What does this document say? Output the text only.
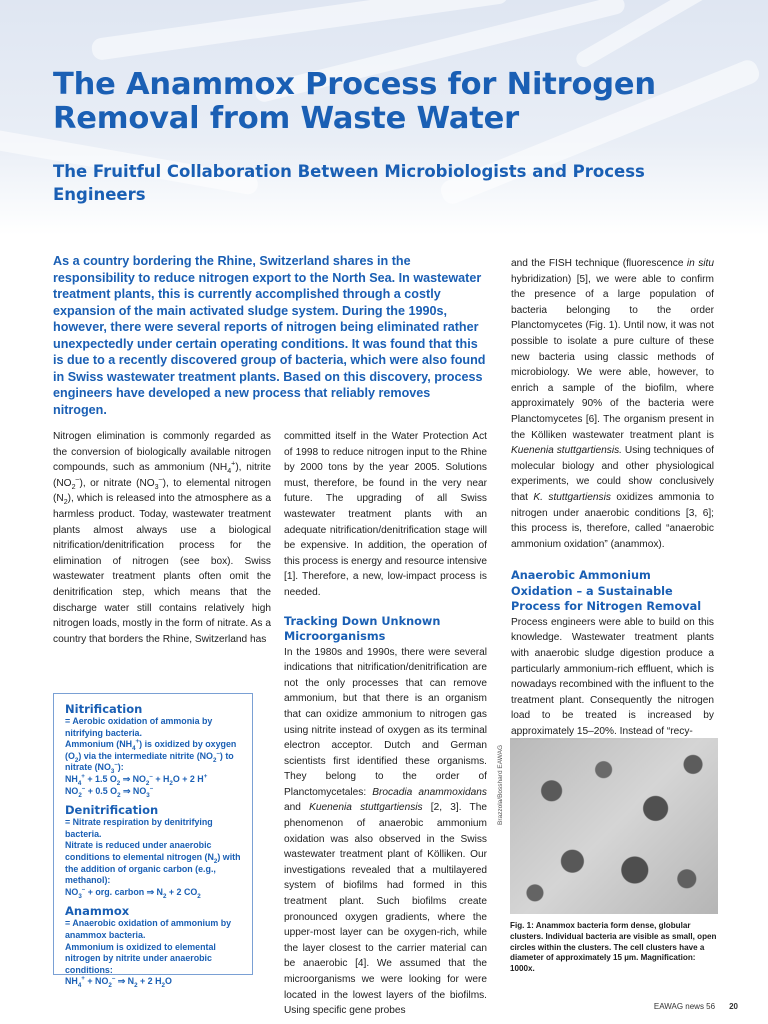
The Anammox Process for Nitrogen Removal from Waste Water
The Fruitful Collaboration Between Microbiologists and Process Engineers

As a country bordering the Rhine, Switzerland shares in the responsibility to reduce nitrogen export to the North Sea. In wastewater treatment plants, this is currently accomplished through a costly expansion of the main activated sludge system. During the 1990s, however, there were several reports of nitrogen being eliminated rather unexpectedly under certain operating conditions. It was found that this is due to a recently discovered group of bacteria, which were also found in Swiss wastewater treatment plants. Based on this discovery, process engineers have developed a new process that reliably removes nitrogen.

Nitrogen elimination is commonly regarded as the conversion of biologically available nitrogen compounds, such as ammonium $(NH_4^+)$, nitrite $(NO_2^-)$, or nitrate $(NO_3^-)$, to elemental nitrogen $(N_2)$, which is released into the atmosphere as a harmless product. Today, wastewater treatment plants almost always use a biological nitrification/denitrification process for the elimination of nitrogen (see box). Swiss wastewater treatment plants often omit the denitrification step, which means that the discharge water still contains relatively high nitrogen loads, mostly in the form of nitrate. As a country that borders the Rhine, Switzerland has

Nitrification
= Aerobic oxidation of ammonia by nitrifying bacteria.
Ammonium $(NH_4^+)$ is oxidized by oxygen $(O_2)$ via the intermediate nitrite $(NO_2^-)$ to nitrate $(NO_3^-)$:
$NH_4^+ + 1.5$ $O_2$ ⇒ $NO_2^- + H_2O + 2$ H+
$NO_2^- + 0.5$ $O_2$ ⇒ $NO_3^-$
Denitrification
= Nitrate respiration by denitrifying bacteria.
Nitrate is reduced under anaerobic conditions to elemental nitrogen $(N_2)$ with the addition of organic carbon (e.g., methanol):
$NO_3^-$ + org. carbon ⇒ $N_2 + 2$ $CO_2$
Anammox
= Anaerobic oxidation of ammonium by anammox bacteria.
Ammonium is oxidized to elemental nitrogen by nitrite under anaerobic conditions:
$NH_4^+ + NO_2^-$ ⇒ $N_2 + 2$ $H_2O$

committed itself in the Water Protection Act of 1998 to reduce nitrogen input to the Rhine by 2000 tons by the year 2005. Solutions must, therefore, be found in the very near future. The upgrading of all Swiss wastewater treatment plants with an adequate nitrification/denitrification stage will be expensive. In addition, the operation of this process is energy and resource intensive [1]. Therefore, a new, low-impact process is needed.

Tracking Down Unknown Microorganisms

In the 1980s and 1990s, there were several indications that nitrification/denitrification are not the only processes that can remove ammonium, but that there is an organism that can oxidize ammonium to nitrogen gas using nitrite instead of oxygen as its terminal electron acceptor. Dutch and German scientists first identified these organisms. They belong to the order of Planctomycetales: Brocadia anammoxidans and Kuenenia stuttgartiensis [2, 3]. The phenomenon of anaerobic ammonium oxidation was also observed in the Swiss wastewater treatment plant of Kölliken. Our investigations revealed that a multilayered system of biofilms had formed in this treatment plant. Such biofilms create pronounced oxygen gradients, where the upper-most layer can be oxygen-rich, while the layer closest to the carrier material can be anaerobic [4]. We assumed that the microorganisms we were looking for were located in the lowest layers of the biofilms. Using specific gene probes

and the FISH technique (fluorescence in situ hybridization) [5], we were able to confirm the presence of a large population of bacteria belonging to the order Planctomycetes (Fig. 1). Until now, it was not possible to isolate a pure culture of these new bacteria using classic methods of microbiology. We were able, however, to enrich a sample of the biofilm, where approximately 90% of the bacteria were Planctomycetes [6]. The organism present in the Kölliken wastewater treatment plant is Kuenenia stuttgartiensis. Using techniques of molecular biology and other physiological experiments, we could show conclusively that K. stuttgartiensis oxidizes ammonia to nitrogen under anaerobic conditions [3, 6]; this process is, therefore, called “anaerobic ammonium oxidation” (anammox).

Anaerobic Ammonium Oxidation – a Sustainable Process for Nitrogen Removal

Process engineers were able to build on this knowledge. Wastewater treatment plants with anaerobic sludge digestion produce a particularly ammonium-rich effluent, which is nowadays recombined with the influent to the treatment plant. Consequently the nitrogen load to be treated is increased by approximately 15–20%. Instead of “recy-

Brazzola/Bosshard EAWAG

Fig. 1: Anammox bacteria form dense, globular clusters. Individual bacteria are visible as small, open circles within the clusters. The cell clusters have a diameter of approximately 15 µm. Magnification: 1000x.

EAWAG news 56 20
